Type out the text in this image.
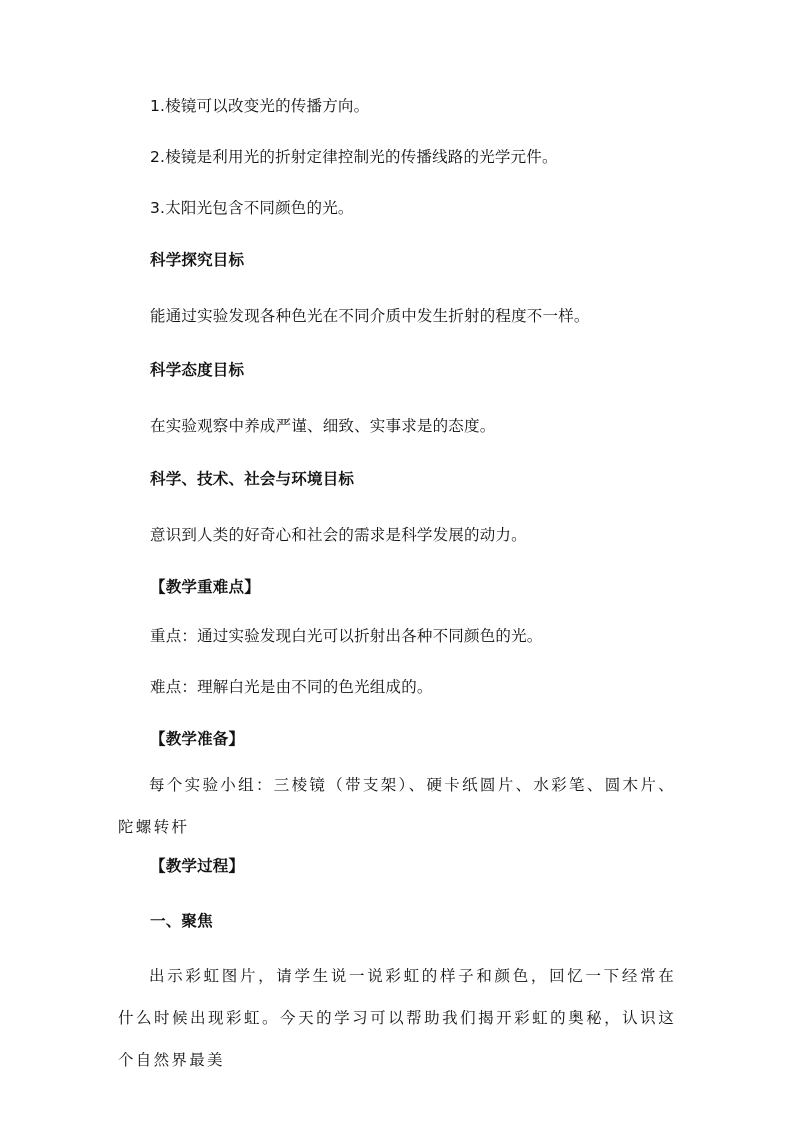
1.棱镜可以改变光的传播方向。
2.棱镜是利用光的折射定律控制光的传播线路的光学元件。
3.太阳光包含不同颜色的光。
科学探究目标
能通过实验发现各种色光在不同介质中发生折射的程度不一样。
科学态度目标
在实验观察中养成严谨、细致、实事求是的态度。
科学、技术、社会与环境目标
意识到人类的好奇心和社会的需求是科学发展的动力。
【教学重难点】
重点：通过实验发现白光可以折射出各种不同颜色的光。
难点：理解白光是由不同的色光组成的。
【教学准备】
每个实验小组：三棱镜（带支架）、硬卡纸圆片、水彩笔、圆木片、陀螺转杆
【教学过程】
一、聚焦
出示彩虹图片，请学生说一说彩虹的样子和颜色，回忆一下经常在什么时候出现彩虹。今天的学习可以帮助我们揭开彩虹的奥秘，认识这个自然界最美
